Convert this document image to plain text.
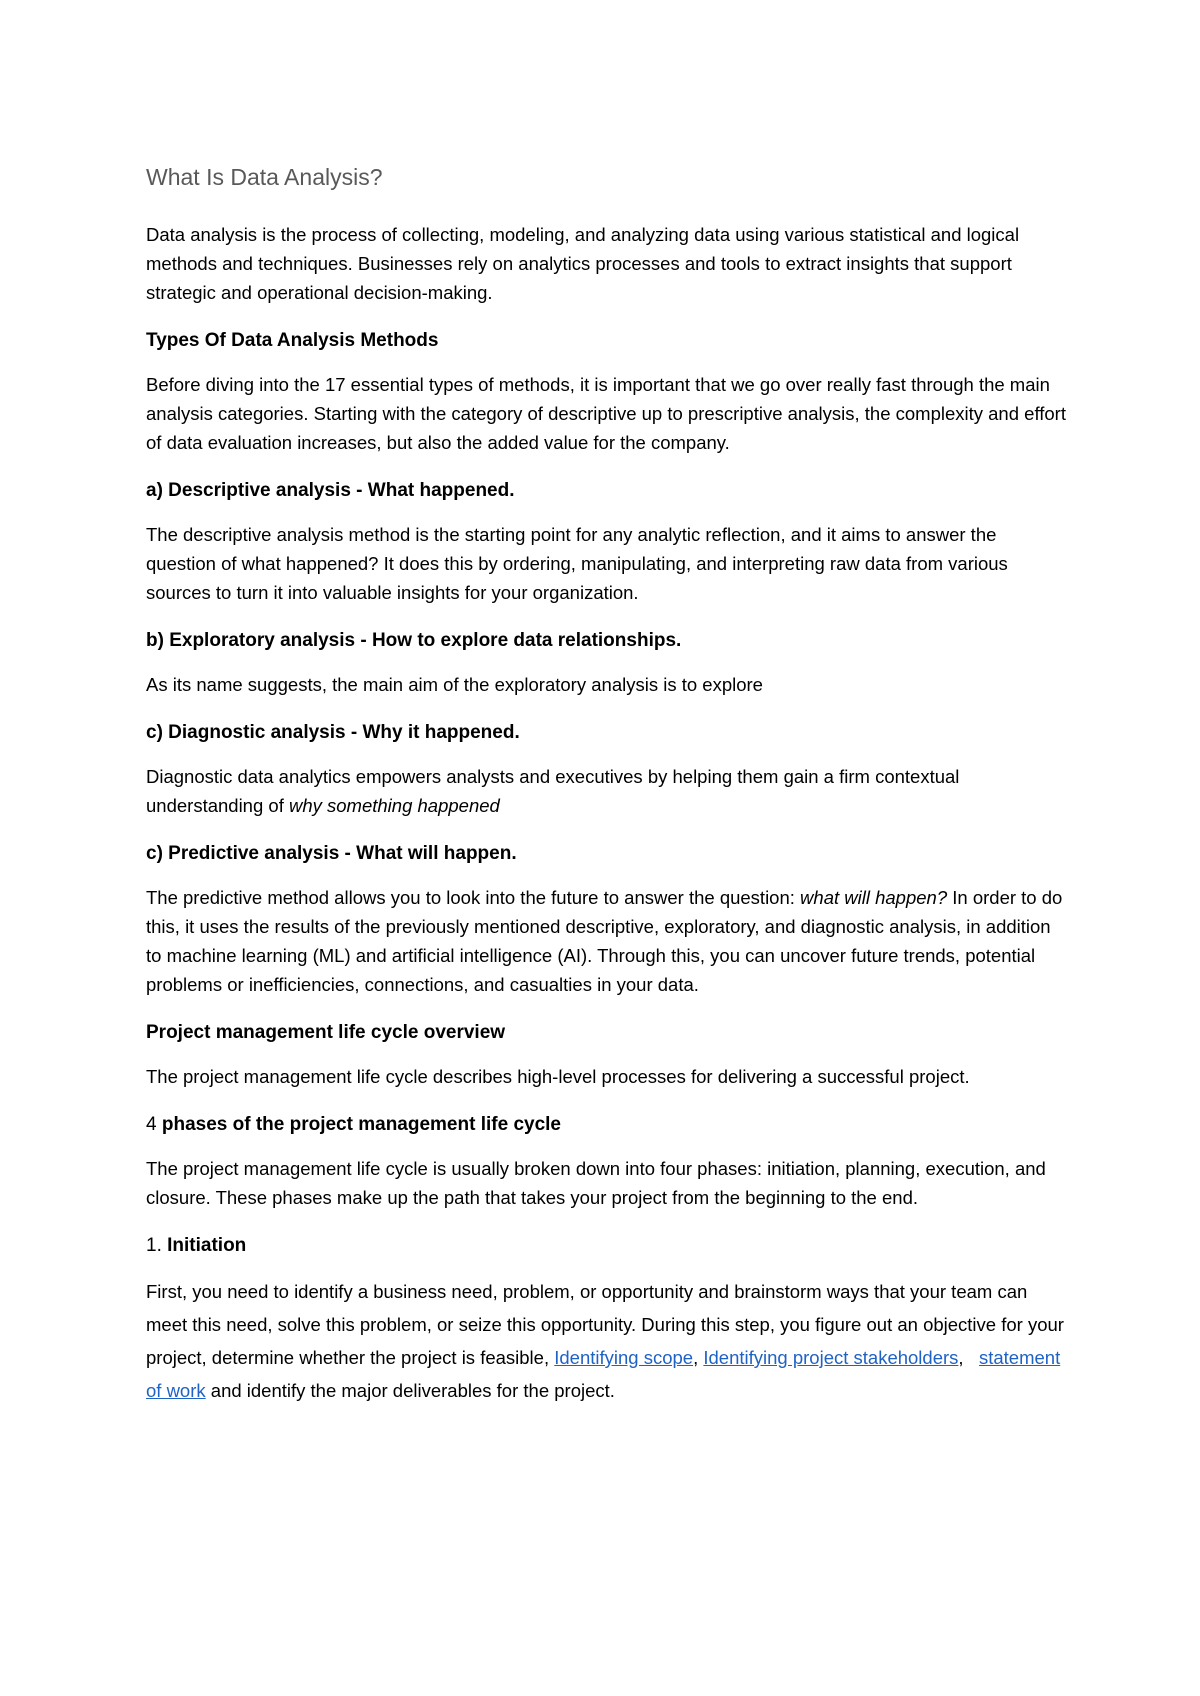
What Is Data Analysis?

Data analysis is the process of collecting, modeling, and analyzing data using various statistical and logical methods and techniques. Businesses rely on analytics processes and tools to extract insights that support strategic and operational decision-making.

Types Of Data Analysis Methods

Before diving into the 17 essential types of methods, it is important that we go over really fast through the main analysis categories. Starting with the category of descriptive up to prescriptive analysis, the complexity and effort of data evaluation increases, but also the added value for the company.

a) Descriptive analysis - What happened.

The descriptive analysis method is the starting point for any analytic reflection, and it aims to answer the question of what happened? It does this by ordering, manipulating, and interpreting raw data from various sources to turn it into valuable insights for your organization.

b) Exploratory analysis - How to explore data relationships.

As its name suggests, the main aim of the exploratory analysis is to explore

c) Diagnostic analysis - Why it happened.

Diagnostic data analytics empowers analysts and executives by helping them gain a firm contextual understanding of why something happened

c) Predictive analysis - What will happen.

The predictive method allows you to look into the future to answer the question: what will happen? In order to do this, it uses the results of the previously mentioned descriptive, exploratory, and diagnostic analysis, in addition to machine learning (ML) and artificial intelligence (AI). Through this, you can uncover future trends, potential problems or inefficiencies, connections, and casualties in your data.

Project management life cycle overview

The project management life cycle describes high-level processes for delivering a successful project.

4 phases of the project management life cycle

The project management life cycle is usually broken down into four phases: initiation, planning, execution, and closure. These phases make up the path that takes your project from the beginning to the end.

1. Initiation

First, you need to identify a business need, problem, or opportunity and brainstorm ways that your team can meet this need, solve this problem, or seize this opportunity. During this step, you figure out an objective for your project, determine whether the project is feasible, Identifying scope, Identifying project stakeholders, statement of work and identify the major deliverables for the project.
